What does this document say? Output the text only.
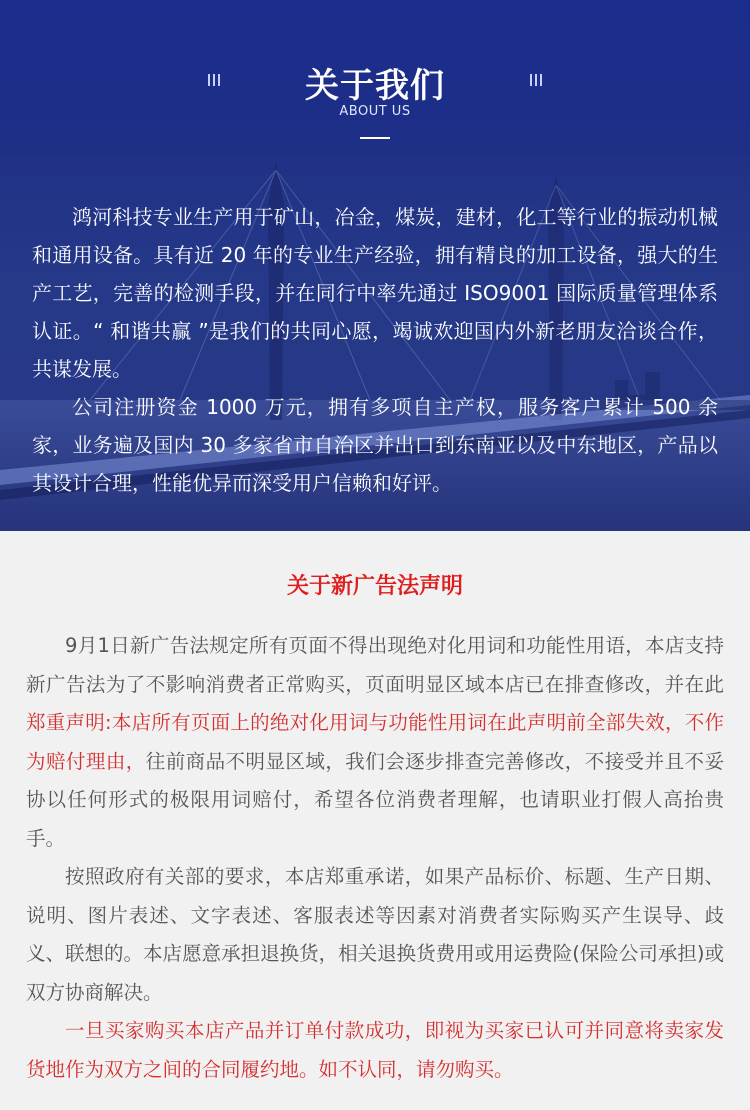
关于我们
ABOUT US

鸿河科技专业生产用于矿山，冶金，煤炭，建材，化工等行业的振动机械和通用设备。具有近 20 年的专业生产经验，拥有精良的加工设备，强大的生产工艺，完善的检测手段，并在同行中率先通过 ISO9001 国际质量管理体系认证。“ 和谐共赢 ”是我们的共同心愿，竭诚欢迎国内外新老朋友洽谈合作，共谋发展。

公司注册资金 1000 万元，拥有多项自主产权，服务客户累计 500 余家，业务遍及国内 30 多家省市自治区并出口到东南亚以及中东地区，产品以其设计合理，性能优异而深受用户信赖和好评。

关于新广告法声明

9月1日新广告法规定所有页面不得出现绝对化用词和功能性用语，本店支持新广告法为了不影响消费者正常购买，页面明显区域本店已在排查修改，并在此郑重声明:本店所有页面上的绝对化用词与功能性用词在此声明前全部失效，不作为赔付理由，往前商品不明显区域，我们会逐步排查完善修改，不接受并且不妥协以任何形式的极限用词赔付，希望各位消费者理解，也请职业打假人高抬贵手。

按照政府有关部的要求，本店郑重承诺，如果产品标价、标题、生产日期、说明、图片表述、文字表述、客服表述等因素对消费者实际购买产生误导、歧义、联想的。本店愿意承担退换货，相关退换货费用或用运费险(保险公司承担)或双方协商解决。

一旦买家购买本店产品并订单付款成功，即视为买家已认可并同意将卖家发货地作为双方之间的合同履约地。如不认同，请勿购买。
